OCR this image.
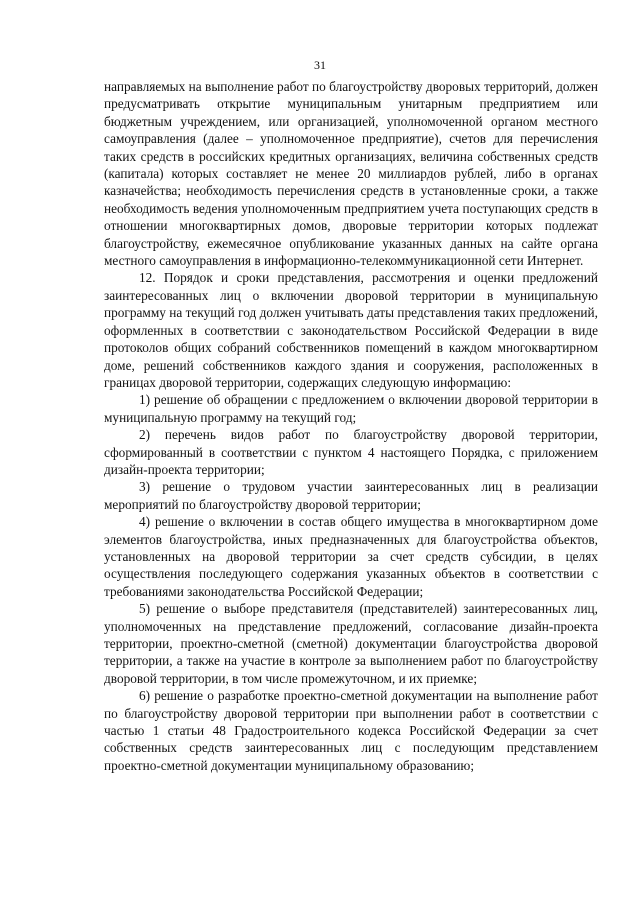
31

направляемых на выполнение работ по благоустройству дворовых территорий, должен предусматривать открытие муниципальным унитарным предприятием или бюджетным учреждением, или организацией, уполномоченной органом местного самоуправления (далее – уполномоченное предприятие), счетов для перечисления таких средств в российских кредитных организациях, величина собственных средств (капитала) которых составляет не менее 20 миллиардов рублей, либо в органах казначейства; необходимость перечисления средств в установленные сроки, а также необходимость ведения уполномоченным предприятием учета поступающих средств в отношении многоквартирных домов, дворовые территории которых подлежат благоустройству, ежемесячное опубликование указанных данных на сайте органа местного самоуправления в информационно-телекоммуникационной сети Интернет.

12. Порядок и сроки представления, рассмотрения и оценки предложений заинтересованных лиц о включении дворовой территории в муниципальную программу на текущий год должен учитывать даты представления таких предложений, оформленных в соответствии с законодательством Российской Федерации в виде протоколов общих собраний собственников помещений в каждом многоквартирном доме, решений собственников каждого здания и сооружения, расположенных в границах дворовой территории, содержащих следующую информацию:

1) решение об обращении с предложением о включении дворовой территории в муниципальную программу на текущий год;

2) перечень видов работ по благоустройству дворовой территории, сформированный в соответствии с пунктом 4 настоящего Порядка, с приложением дизайн-проекта территории;

3) решение о трудовом участии заинтересованных лиц в реализации мероприятий по благоустройству дворовой территории;

4) решение о включении в состав общего имущества в многоквартирном доме элементов благоустройства, иных предназначенных для благоустройства объектов, установленных на дворовой территории за счет средств субсидии, в целях осуществления последующего содержания указанных объектов в соответствии с требованиями законодательства Российской Федерации;

5) решение о выборе представителя (представителей) заинтересованных лиц, уполномоченных на представление предложений, согласование дизайн-проекта территории, проектно-сметной (сметной) документации благоустройства дворовой территории, а также на участие в контроле за выполнением работ по благоустройству дворовой территории, в том числе промежуточном, и их приемке;

6) решение о разработке проектно-сметной документации на выполнение работ по благоустройству дворовой территории при выполнении работ в соответствии с частью 1 статьи 48 Градостроительного кодекса Российской Федерации за счет собственных средств заинтересованных лиц с последующим представлением проектно-сметной документации муниципальному образованию;
